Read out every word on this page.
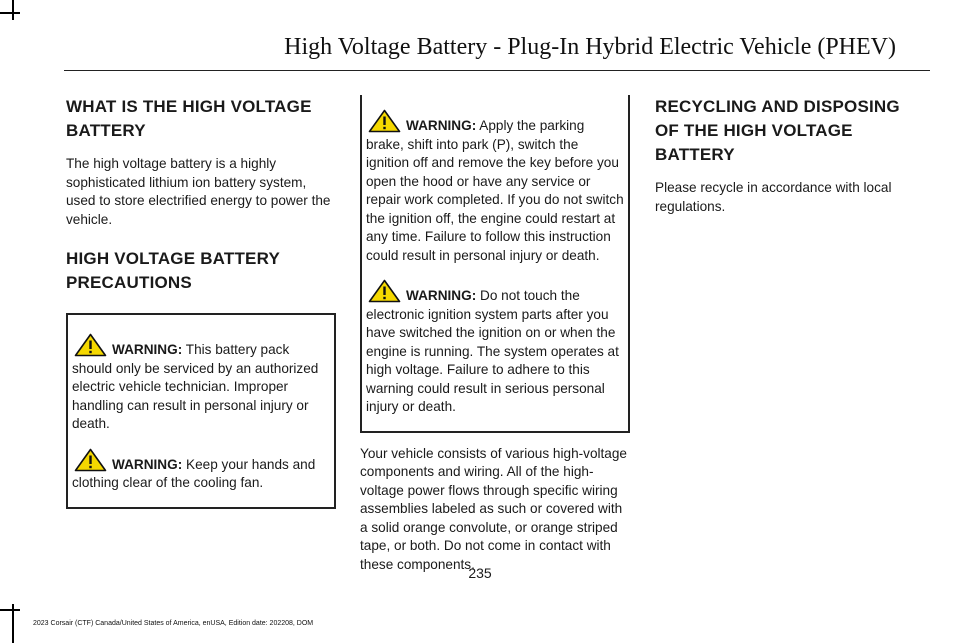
High Voltage Battery - Plug-In Hybrid Electric Vehicle (PHEV)
WHAT IS THE HIGH VOLTAGE BATTERY

The high voltage battery is a highly sophisticated lithium ion battery system, used to store electrified energy to power the vehicle.

HIGH VOLTAGE BATTERY PRECAUTIONS

WARNING: This battery pack should only be serviced by an authorized electric vehicle technician. Improper handling can result in personal injury or death.

WARNING: Keep your hands and clothing clear of the cooling fan.

WARNING: Apply the parking brake, shift into park (P), switch the ignition off and remove the key before you open the hood or have any service or repair work completed. If you do not switch the ignition off, the engine could restart at any time. Failure to follow this instruction could result in personal injury or death.

WARNING: Do not touch the electronic ignition system parts after you have switched the ignition on or when the engine is running. The system operates at high voltage. Failure to adhere to this warning could result in serious personal injury or death.

Your vehicle consists of various high-voltage components and wiring. All of the high-voltage power flows through specific wiring assemblies labeled as such or covered with a solid orange convolute, or orange striped tape, or both. Do not come in contact with these components.

RECYCLING AND DISPOSING OF THE HIGH VOLTAGE BATTERY

Please recycle in accordance with local regulations.

235
2023 Corsair (CTF) Canada/United States of America, enUSA, Edition date: 202208, DOM
